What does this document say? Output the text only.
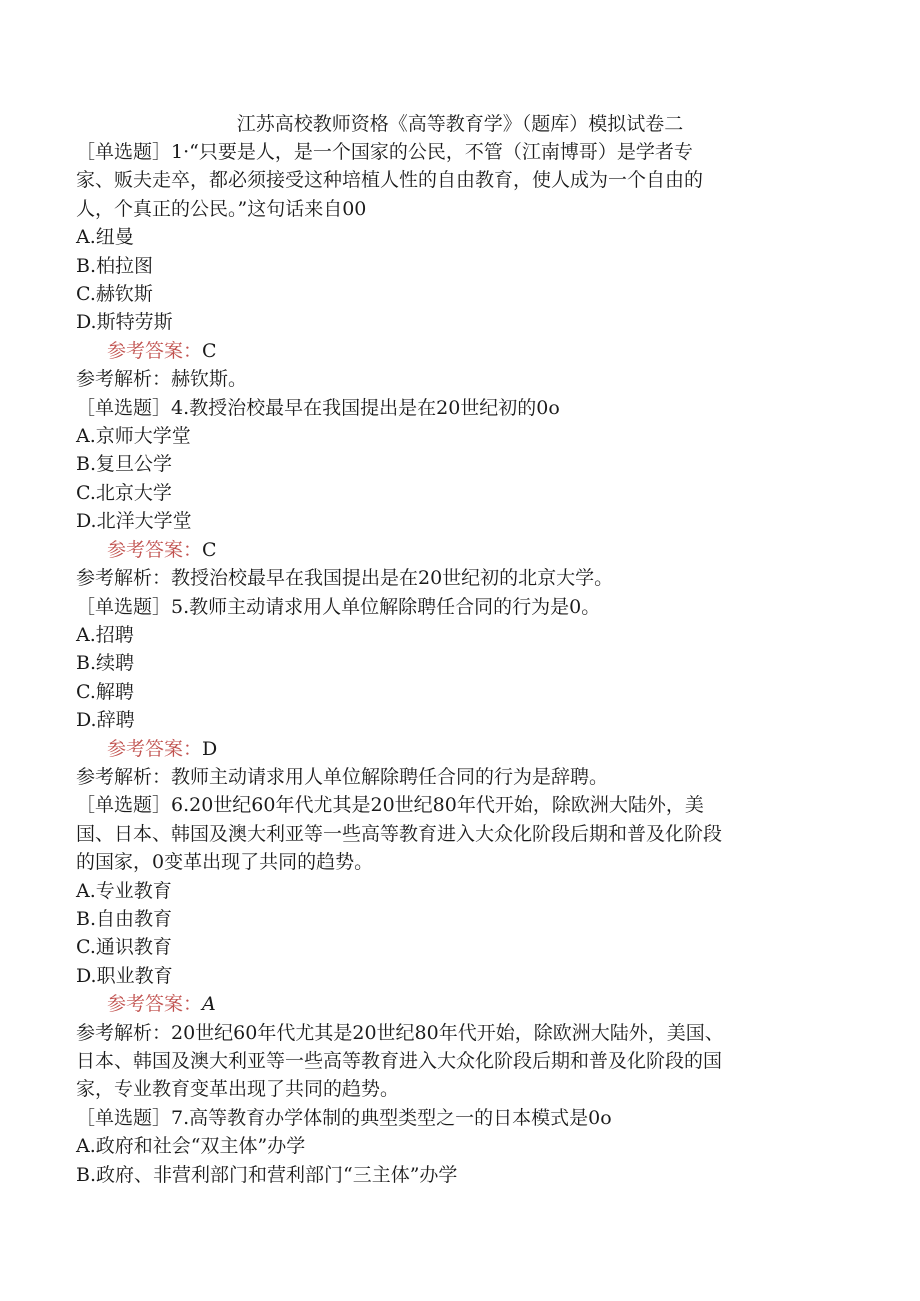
江苏高校教师资格《高等教育学》（题库）模拟试卷二
［单选题］1·“只要是人，是一个国家的公民，不管（江南博哥）是学者专
家、贩夫走卒，都必须接受这种培植人性的自由教育，使人成为一个自由的
人，个真正的公民。”这句话来自00
A.纽曼
B.柏拉图
C.赫钦斯
D.斯特劳斯
参考答案：C
参考解析：赫钦斯。
［单选题］4.教授治校最早在我国提出是在20世纪初的0o
A.京师大学堂
B.复旦公学
C.北京大学
D.北洋大学堂
参考答案：C
参考解析：教授治校最早在我国提出是在20世纪初的北京大学。
［单选题］5.教师主动请求用人单位解除聘任合同的行为是0。
A.招聘
B.续聘
C.解聘
D.辞聘
参考答案：D
参考解析：教师主动请求用人单位解除聘任合同的行为是辞聘。
［单选题］6.20世纪60年代尤其是20世纪80年代开始，除欧洲大陆外，美
国、日本、韩国及澳大利亚等一些高等教育进入大众化阶段后期和普及化阶段
的国家，0变革出现了共同的趋势。
A.专业教育
B.自由教育
C.通识教育
D.职业教育
参考答案：A
参考解析：20世纪60年代尤其是20世纪80年代开始，除欧洲大陆外，美国、
日本、韩国及澳大利亚等一些高等教育进入大众化阶段后期和普及化阶段的国
家，专业教育变革出现了共同的趋势。
［单选题］7.高等教育办学体制的典型类型之一的日本模式是0o
A.政府和社会“双主体”办学
B.政府、非营利部门和营利部门“三主体”办学
